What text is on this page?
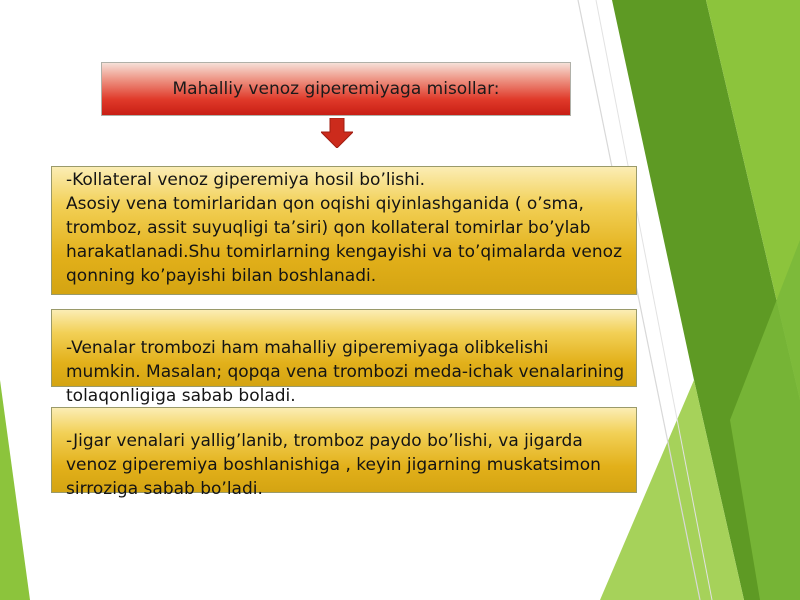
Mahalliy venoz giperemiyaga misollar:

-Kollateral venoz giperemiya hosil bo’lishi.
Asosiy vena tomirlaridan qon oqishi qiyinlashganida ( o’sma, tromboz, assit suyuqligi ta’siri) qon kollateral tomirlar bo’ylab harakatlanadi.Shu tomirlarning kengayishi va to’qimalarda venoz qonning ko’payishi bilan boshlanadi.

-Venalar trombozi ham mahalliy giperemiyaga olibkelishi mumkin. Masalan; qopqa vena trombozi meda-ichak venalarining tolaqonligiga sabab boladi.

-Jigar venalari yallig’lanib, tromboz paydo bo’lishi, va jigarda venoz giperemiya boshlanishiga , keyin jigarning muskatsimon sirroziga sabab bo’ladi.
